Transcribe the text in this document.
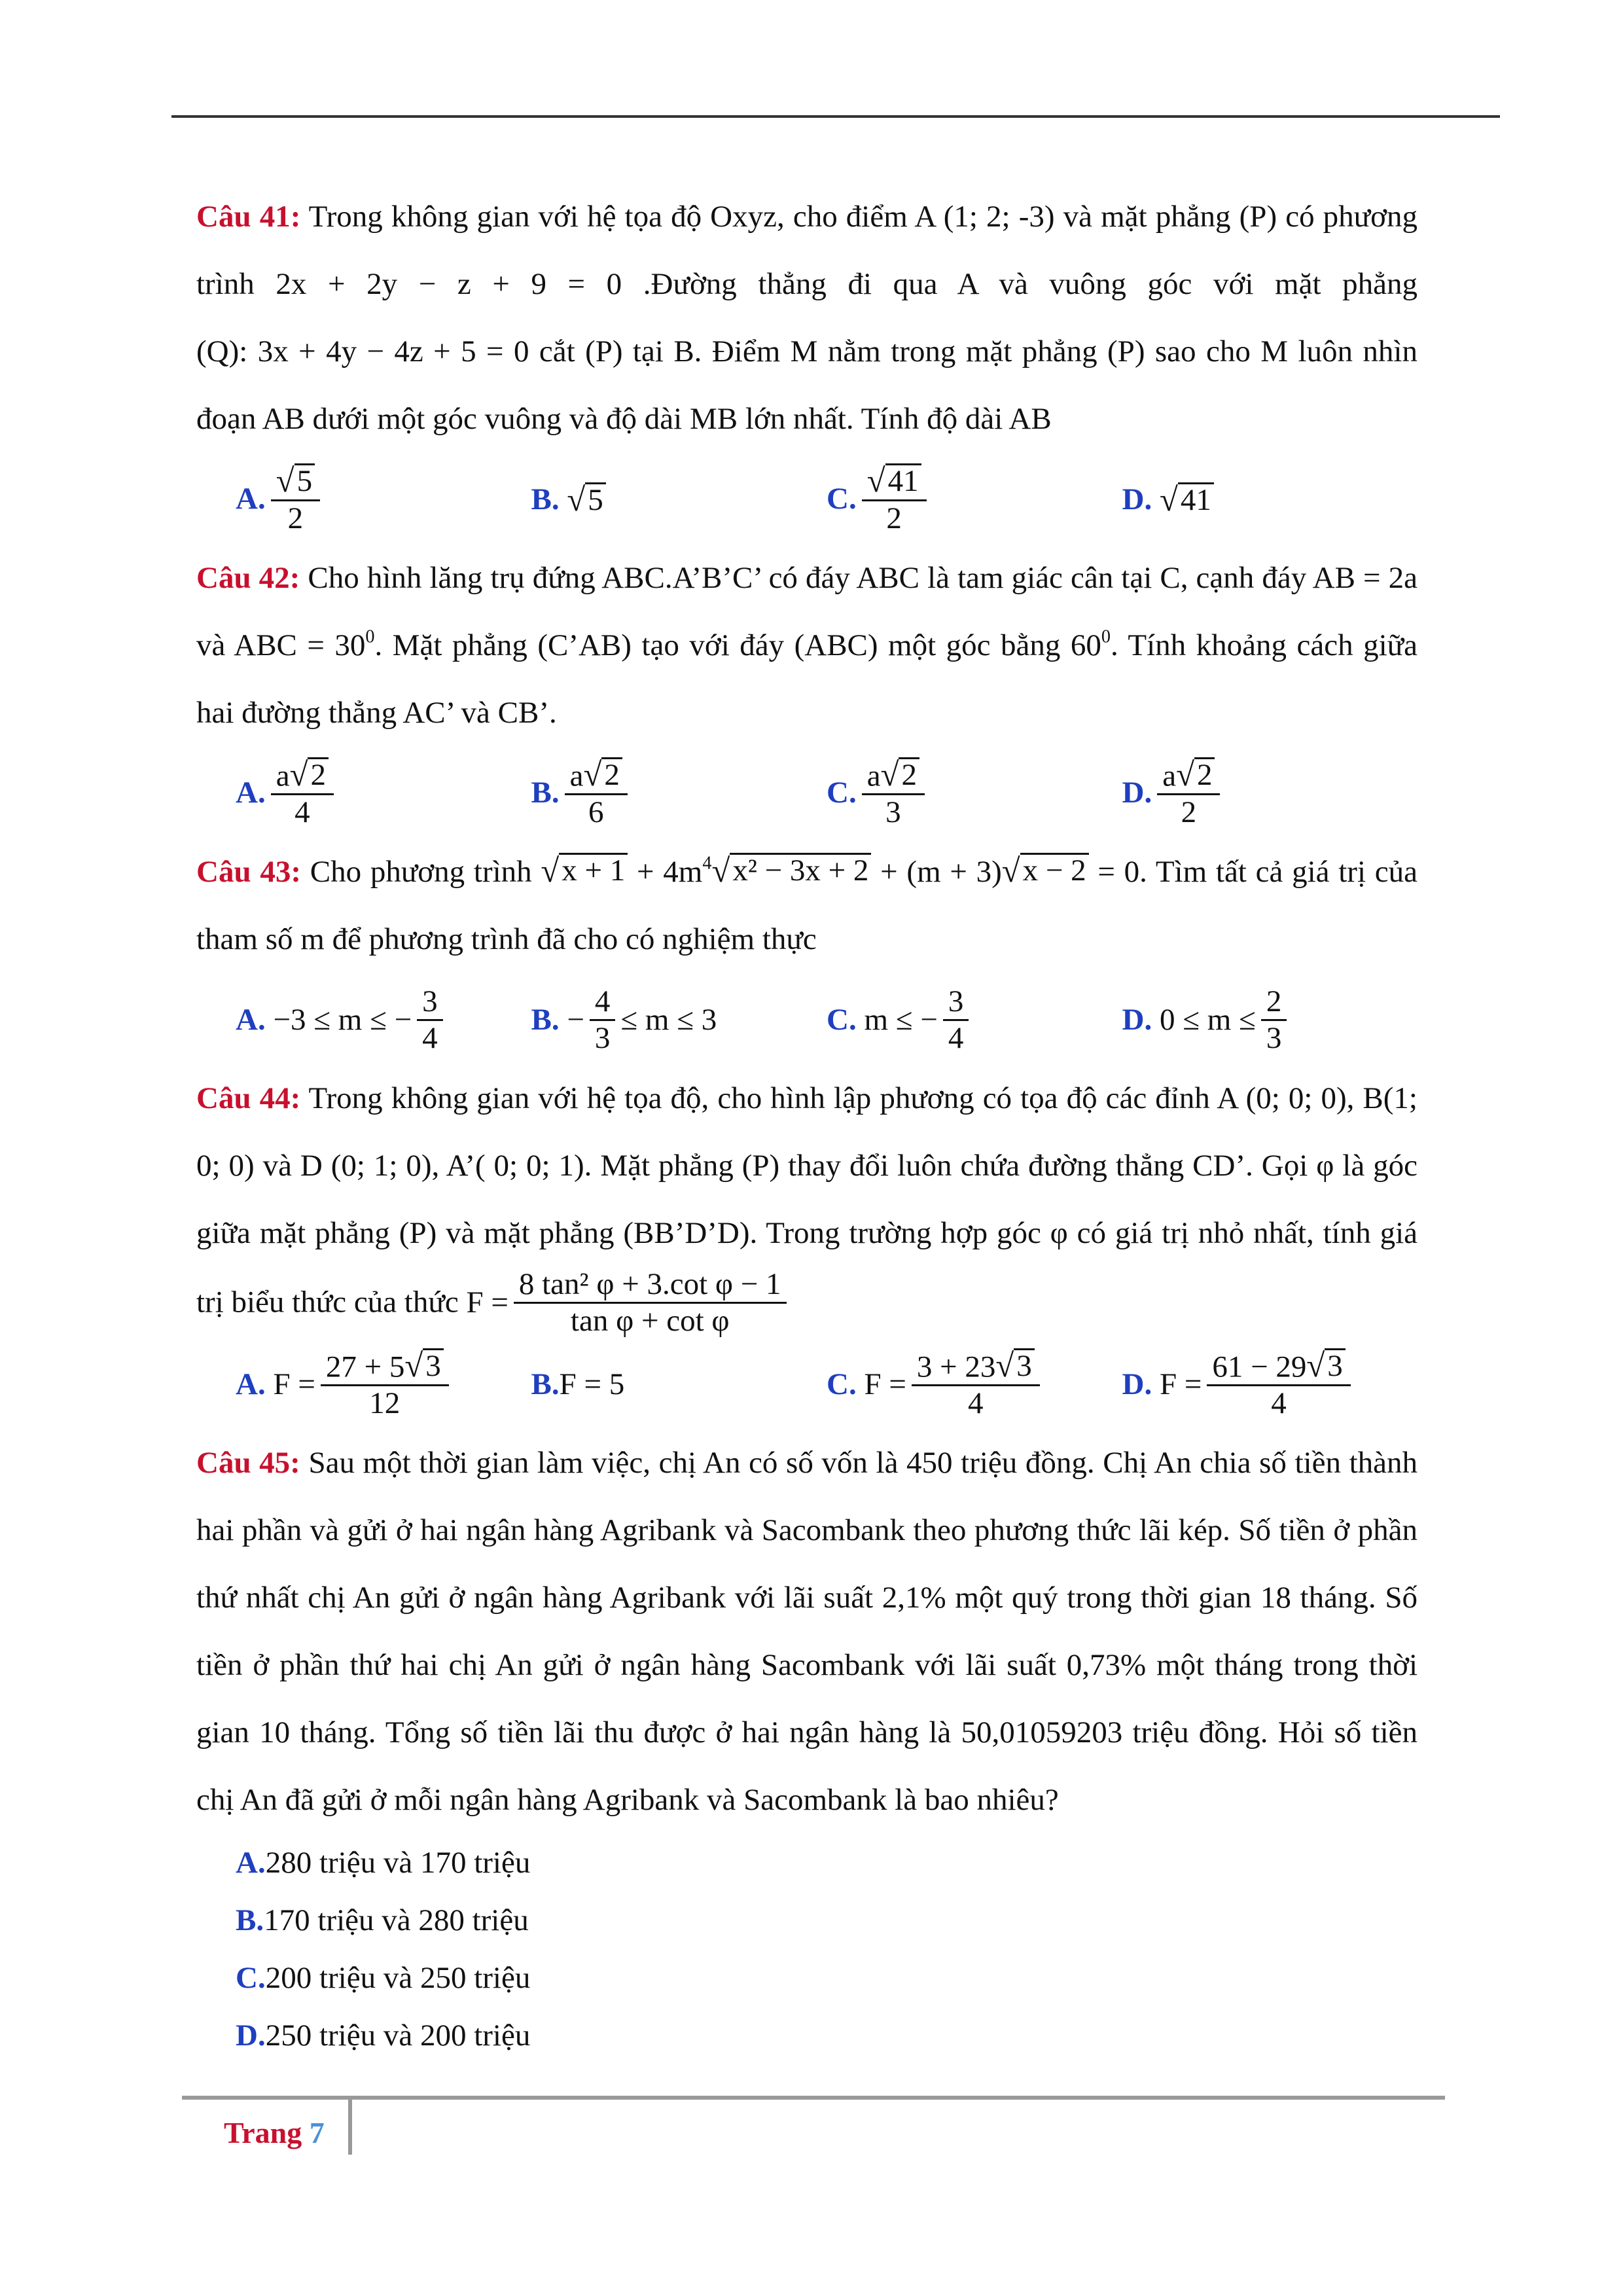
Câu 41: Trong không gian với hệ tọa độ Oxyz, cho điểm A (1; 2; -3) và mặt phẳng (P) có phương trình 2x + 2y − z + 9 = 0 .Đường thẳng đi qua A và vuông góc với mặt phẳng (Q): 3x + 4y − 4z + 5 = 0 cắt (P) tại B. Điểm M nằm trong mặt phẳng (P) sao cho M luôn nhìn đoạn AB dưới một góc vuông và độ dài MB lớn nhất. Tính độ dài AB

A. $\frac{√ 5}{2}$	B.
√ 5	C. $\frac{√ 41}{2}$	D.
√ 41

Câu 42: Cho hình lăng trụ đứng ABC.A’B’C’ có đáy ABC là tam giác cân tại C, cạnh đáy AB = 2a và ABC = $30^0$. Mặt phẳng (C’AB) tạo với đáy (ABC) một góc bằng $60^0$. Tính khoảng cách giữa hai đường thẳng AC’ và CB’.

A. $\frac{a √ 2}{4}$	B. $\frac{a √ 2}{6}$	C. $\frac{a √ 2}{3}$	D. $\frac{a √ 2}{2}$

Câu 43: Cho phương trình √ $x + 1 + 4m^4$ √ x² − 3x + 2 + (m + 3) √ x − 2 = 0. Tìm tất cả giá trị của tham số m để phương trình đã cho có nghiệm thực

A.
−3 ≤ m ≤ − $\frac{3}{4}$	B.
− $\frac{4}{3} \le m \le 3$	C.
m ≤ − $\frac{3}{4}$	D.
$0 \le m \le \frac{2}{3}$

Câu 44: Trong không gian với hệ tọa độ, cho hình lập phương có tọa độ các đỉnh A (0; 0; 0), B(1; 0; 0) và D (0; 1; 0), A’( 0; 0; 1). Mặt phẳng (P) thay đổi luôn chứa đường thẳng CD’. Gọi φ là góc giữa mặt phẳng (P) và mặt phẳng (BB’D’D). Trong trường hợp góc φ có giá trị nhỏ nhất, tính giá trị biểu thức của thức $F = \frac{\text{8 tan² φ + 3.cot φ − 1}}{\text{tan φ + cot φ}}$

A.
$F = \frac{27 + 5 √ 3}{12}$	B. F = 5	C.
$F = \frac{3 + 23 √ 3}{4}$	D.
$F = \frac{61 - 29 √ 3}{4}$

Câu 45: Sau một thời gian làm việc, chị An có số vốn là 450 triệu đồng. Chị An chia số tiền thành hai phần và gửi ở hai ngân hàng Agribank và Sacombank theo phương thức lãi kép. Số tiền ở phần thứ nhất chị An gửi ở ngân hàng Agribank với lãi suất 2,1% một quý trong thời gian 18 tháng. Số tiền ở phần thứ hai chị An gửi ở ngân hàng Sacombank với lãi suất 0,73% một tháng trong thời gian 10 tháng. Tổng số tiền lãi thu được ở hai ngân hàng là 50,01059203 triệu đồng. Hỏi số tiền chị An đã gửi ở mỗi ngân hàng Agribank và Sacombank là bao nhiêu?

A. 280 triệu và 170 triệu
B. 170 triệu và 280 triệu
C. 200 triệu và 250 triệu
D. 250 triệu và 200 triệu
Trang 7
